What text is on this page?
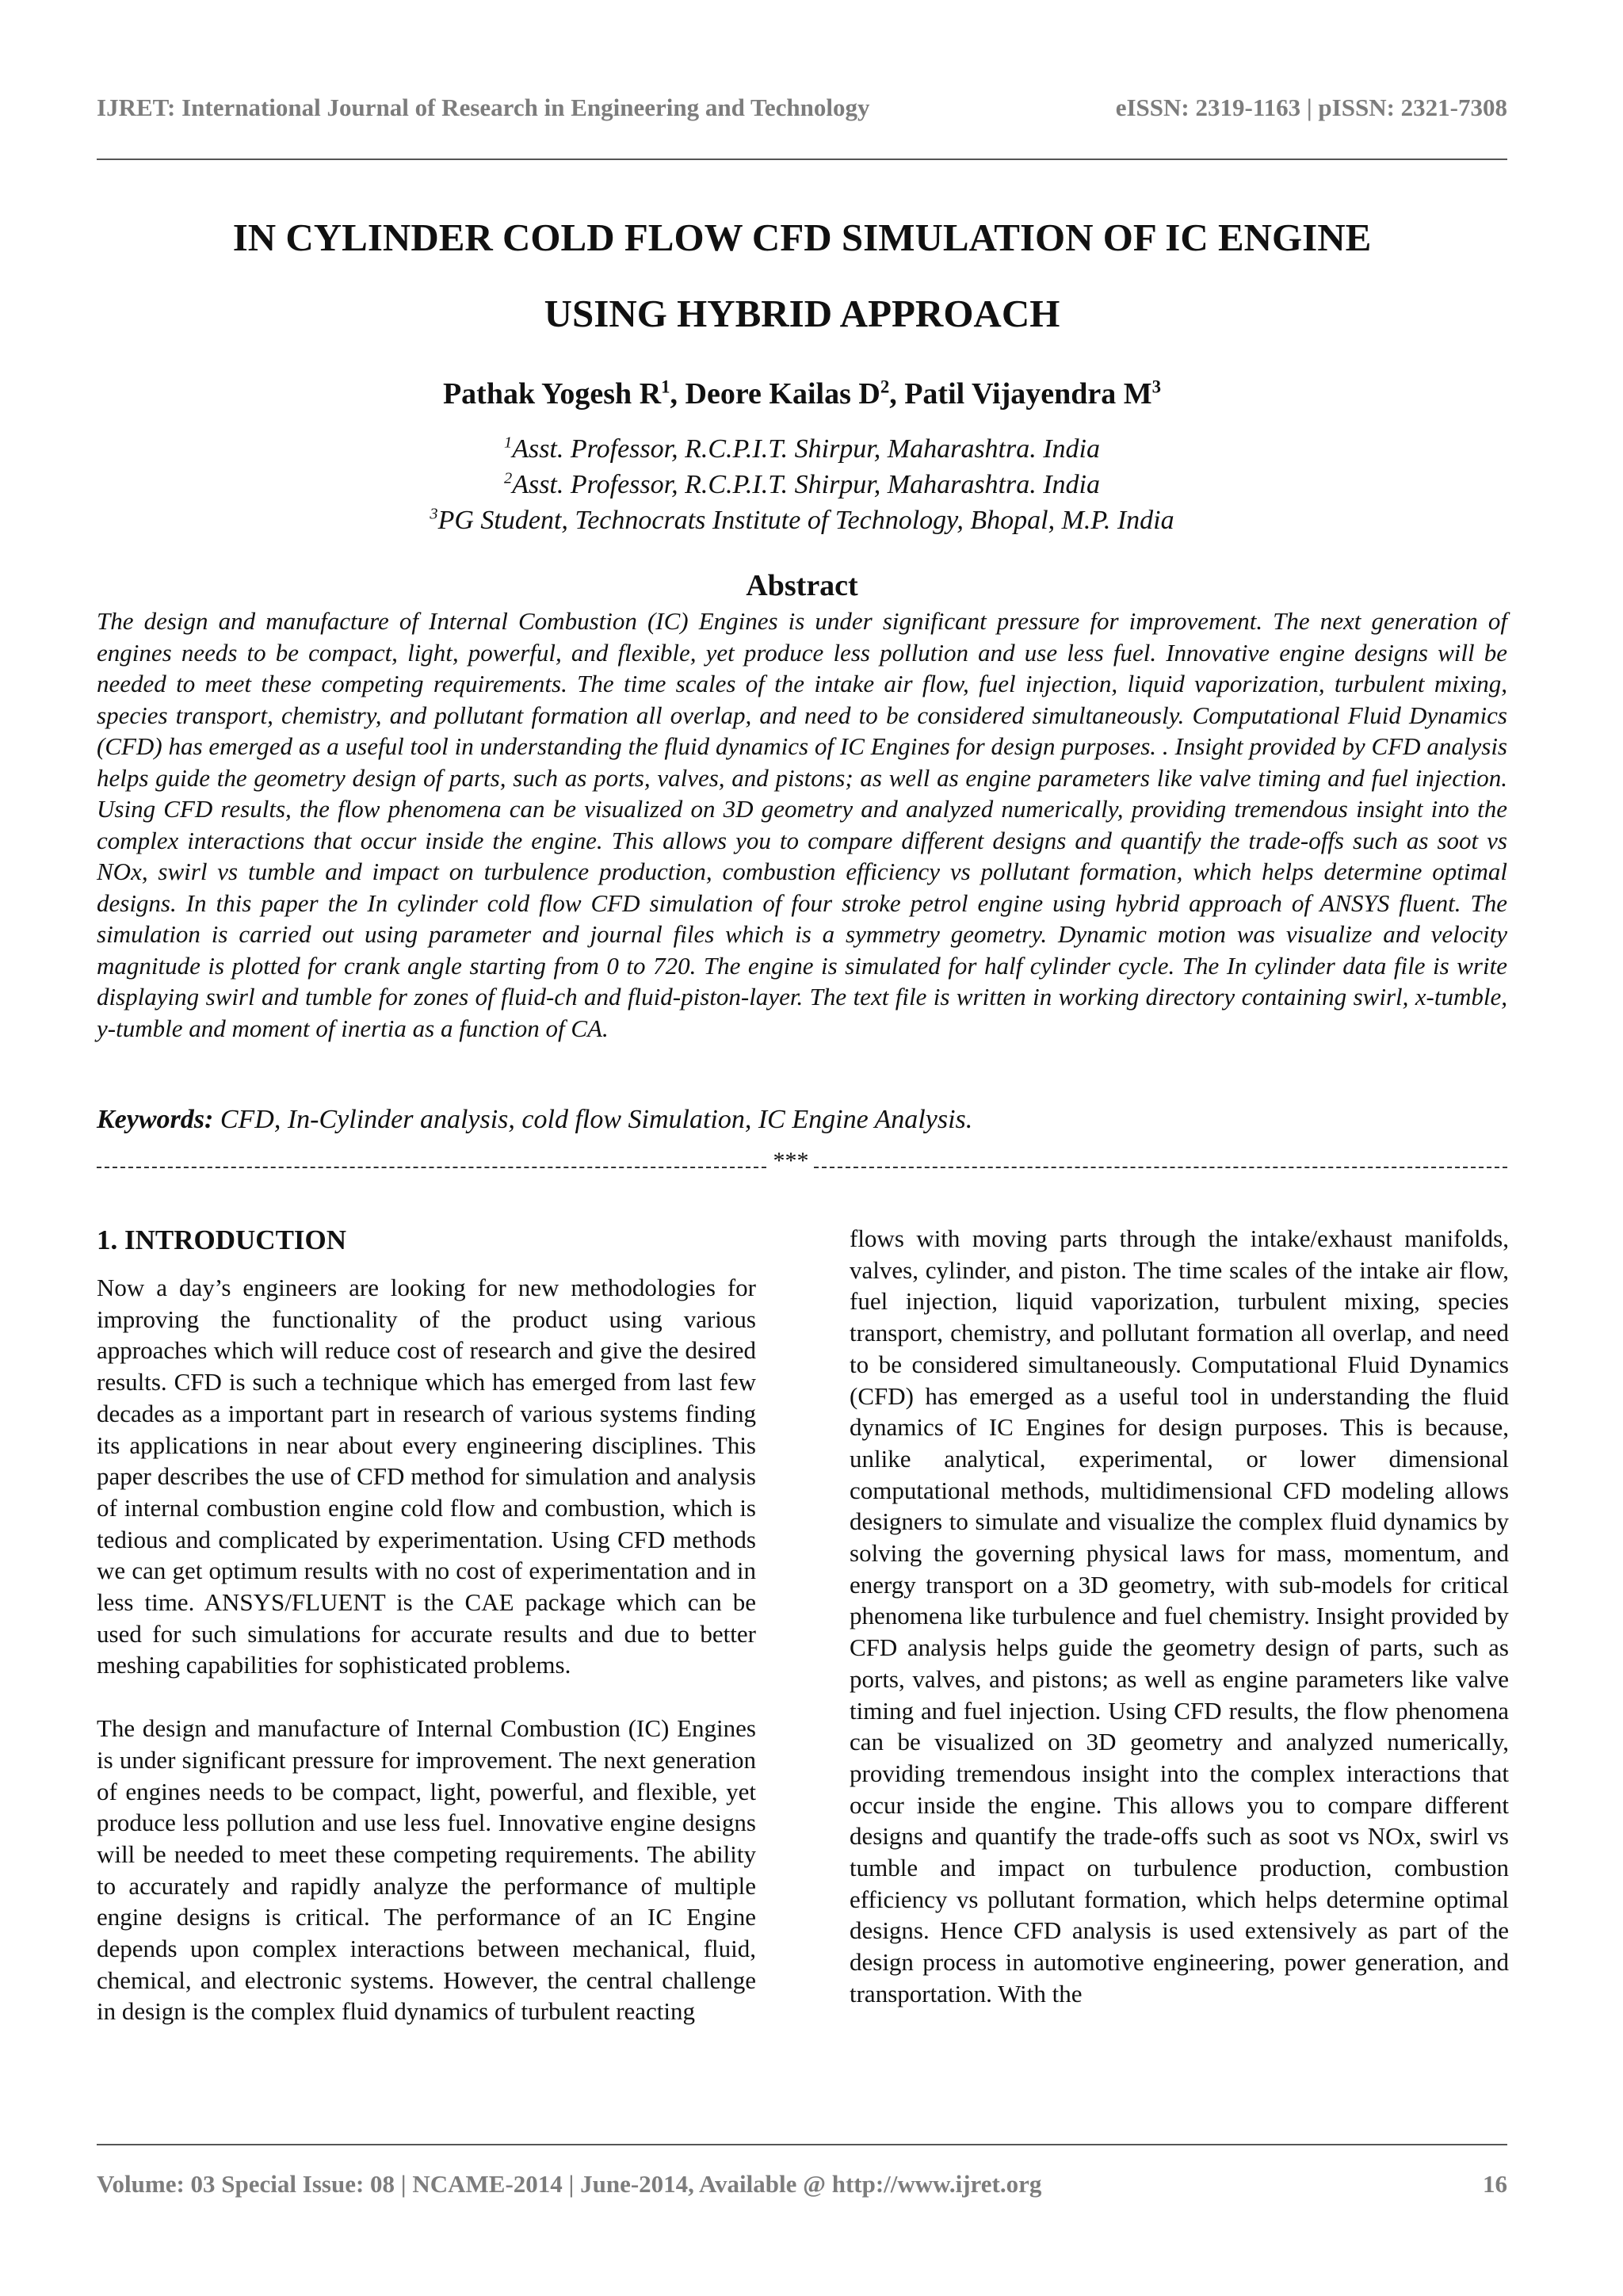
IJRET: International Journal of Research in Engineering and Technology	eISSN: 2319-1163 | pISSN: 2321-7308
IN CYLINDER COLD FLOW CFD SIMULATION OF IC ENGINE
USING HYBRID APPROACH
Pathak Yogesh $R^1$, Deore Kailas $D^2$, Patil Vijayendra $M^3$
$^1$Asst. Professor, R.C.P.I.T. Shirpur, Maharashtra. India
$^2$Asst. Professor, R.C.P.I.T. Shirpur, Maharashtra. India
$^3$PG Student, Technocrats Institute of Technology, Bhopal, M.P. India
Abstract
The design and manufacture of Internal Combustion (IC) Engines is under significant pressure for improvement. The next generation of engines needs to be compact, light, powerful, and flexible, yet produce less pollution and use less fuel. Innovative engine designs will be needed to meet these competing requirements. The time scales of the intake air flow, fuel injection, liquid vaporization, turbulent mixing, species transport, chemistry, and pollutant formation all overlap, and need to be considered simultaneously. Computational Fluid Dynamics (CFD) has emerged as a useful tool in understanding the fluid dynamics of IC Engines for design purposes. . Insight provided by CFD analysis helps guide the geometry design of parts, such as ports, valves, and pistons; as well as engine parameters like valve timing and fuel injection. Using CFD results, the flow phenomena can be visualized on 3D geometry and analyzed numerically, providing tremendous insight into the complex interactions that occur inside the engine. This allows you to compare different designs and quantify the trade-offs such as soot vs NOx, swirl vs tumble and impact on turbulence production, combustion efficiency vs pollutant formation, which helps determine optimal designs. In this paper the In cylinder cold flow CFD simulation of four stroke petrol engine using hybrid approach of ANSYS fluent. The simulation is carried out using parameter and journal files which is a symmetry geometry. Dynamic motion was visualize and velocity magnitude is plotted for crank angle starting from 0 to 720. The engine is simulated for half cylinder cycle. The In cylinder data file is write displaying swirl and tumble for zones of fluid-ch and fluid-piston-layer. The text file is written in working directory containing swirl, x-tumble, y-tumble and moment of inertia as a function of CA.
Keywords: CFD, In-Cylinder analysis, cold flow Simulation, IC Engine Analysis.
***
1. INTRODUCTION

Now a day’s engineers are looking for new methodologies for improving the functionality of the product using various approaches which will reduce cost of research and give the desired results. CFD is such a technique which has emerged from last few decades as a important part in research of various systems finding its applications in near about every engineering disciplines. This paper describes the use of CFD method for simulation and analysis of internal combustion engine cold flow and combustion, which is tedious and complicated by experimentation. Using CFD methods we can get optimum results with no cost of experimentation and in less time. ANSYS/FLUENT is the CAE package which can be used for such simulations for accurate results and due to better meshing capabilities for sophisticated problems.

The design and manufacture of Internal Combustion (IC) Engines is under significant pressure for improvement. The next generation of engines needs to be compact, light, powerful, and flexible, yet produce less pollution and use less fuel. Innovative engine designs will be needed to meet these competing requirements. The ability to accurately and rapidly analyze the performance of multiple engine designs is critical. The performance of an IC Engine depends upon complex interactions between mechanical, fluid, chemical, and electronic systems. However, the central challenge in design is the complex fluid dynamics of turbulent reacting

flows with moving parts through the intake/exhaust manifolds, valves, cylinder, and piston. The time scales of the intake air flow, fuel injection, liquid vaporization, turbulent mixing, species transport, chemistry, and pollutant formation all overlap, and need to be considered simultaneously. Computational Fluid Dynamics (CFD) has emerged as a useful tool in understanding the fluid dynamics of IC Engines for design purposes. This is because, unlike analytical, experimental, or lower dimensional computational methods, multidimensional CFD modeling allows designers to simulate and visualize the complex fluid dynamics by solving the governing physical laws for mass, momentum, and energy transport on a 3D geometry, with sub-models for critical phenomena like turbulence and fuel chemistry. Insight provided by CFD analysis helps guide the geometry design of parts, such as ports, valves, and pistons; as well as engine parameters like valve timing and fuel injection. Using CFD results, the flow phenomena can be visualized on 3D geometry and analyzed numerically, providing tremendous insight into the complex interactions that occur inside the engine. This allows you to compare different designs and quantify the trade-offs such as soot vs NOx, swirl vs tumble and impact on turbulence production, combustion efficiency vs pollutant formation, which helps determine optimal designs. Hence CFD analysis is used extensively as part of the design process in automotive engineering, power generation, and transportation. With the

Volume: 03 Special Issue: 08 | NCAME-2014 | June-2014, Available @ http://www.ijret.org	16
